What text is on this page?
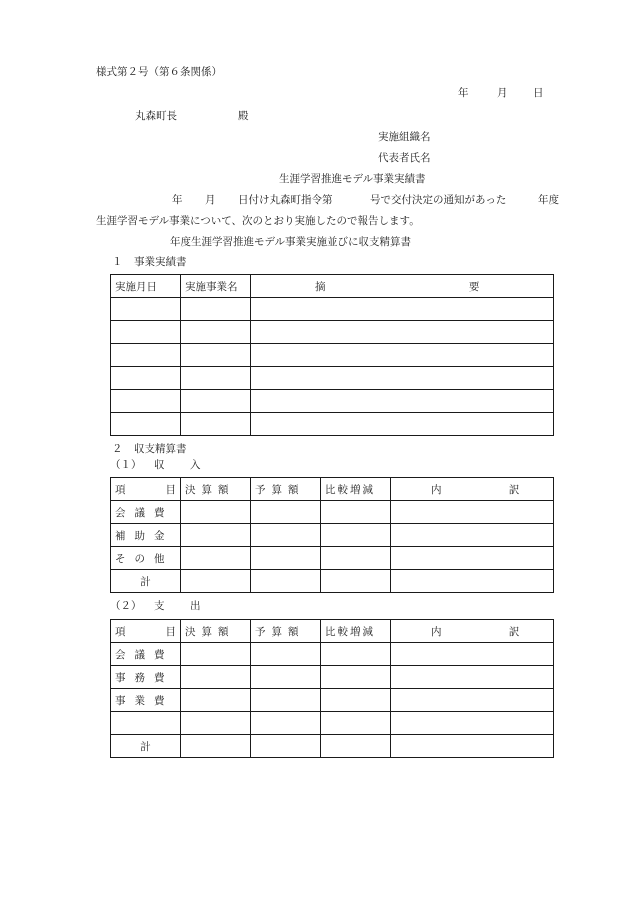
様式第２号（第６条関係）
年	月 日
丸森町長	殿
実施組織名
代表者氏名
生涯学習推進モデル事業実績書
年 月 日付け丸森町指令第	号で交付決定の通知があった	年度
生涯学習モデル事業について、次のとおり実施したので報告します。
年度生涯学習推進モデル事業実施並びに収支精算書
１ 事業実績書
実施月日	実施事業名	摘 要

２ 収支精算書
（１） 収 入
項 目	決算額	予算額	比較増減	内 訳
会議費				
補助金				
その他				
計				
（２） 支 出
項 目	決算額	予算額	比較増減	内 訳
会議費				
事務費				
事業費				

計				
